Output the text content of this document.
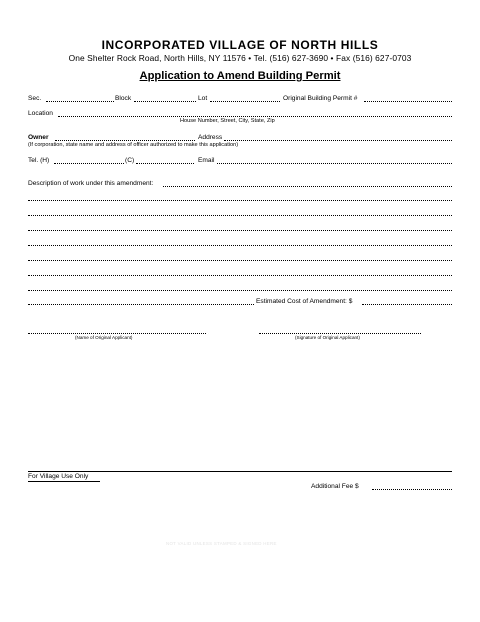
INCORPORATED VILLAGE OF NORTH HILLS
One Shelter Rock Road, North Hills, NY 11576 • Tel. (516) 627-3690 • Fax (516) 627-0703
Application to Amend Building Permit
Sec.	Block	Lot	Original Building Permit #
Location
House Number, Street, City, State, Zip
Owner	Address
(If corporation, state name and address of officer authorized to make this application)
Tel. (H)	(C)	Email
Description of work under this amendment:
Estimated Cost of Amendment: $
(Name of Original Applicant)	(Signature of Original Applicant)
For Village Use Only
Additional Fee $
NOT VALID UNLESS STAMPED & SIGNED HERE
